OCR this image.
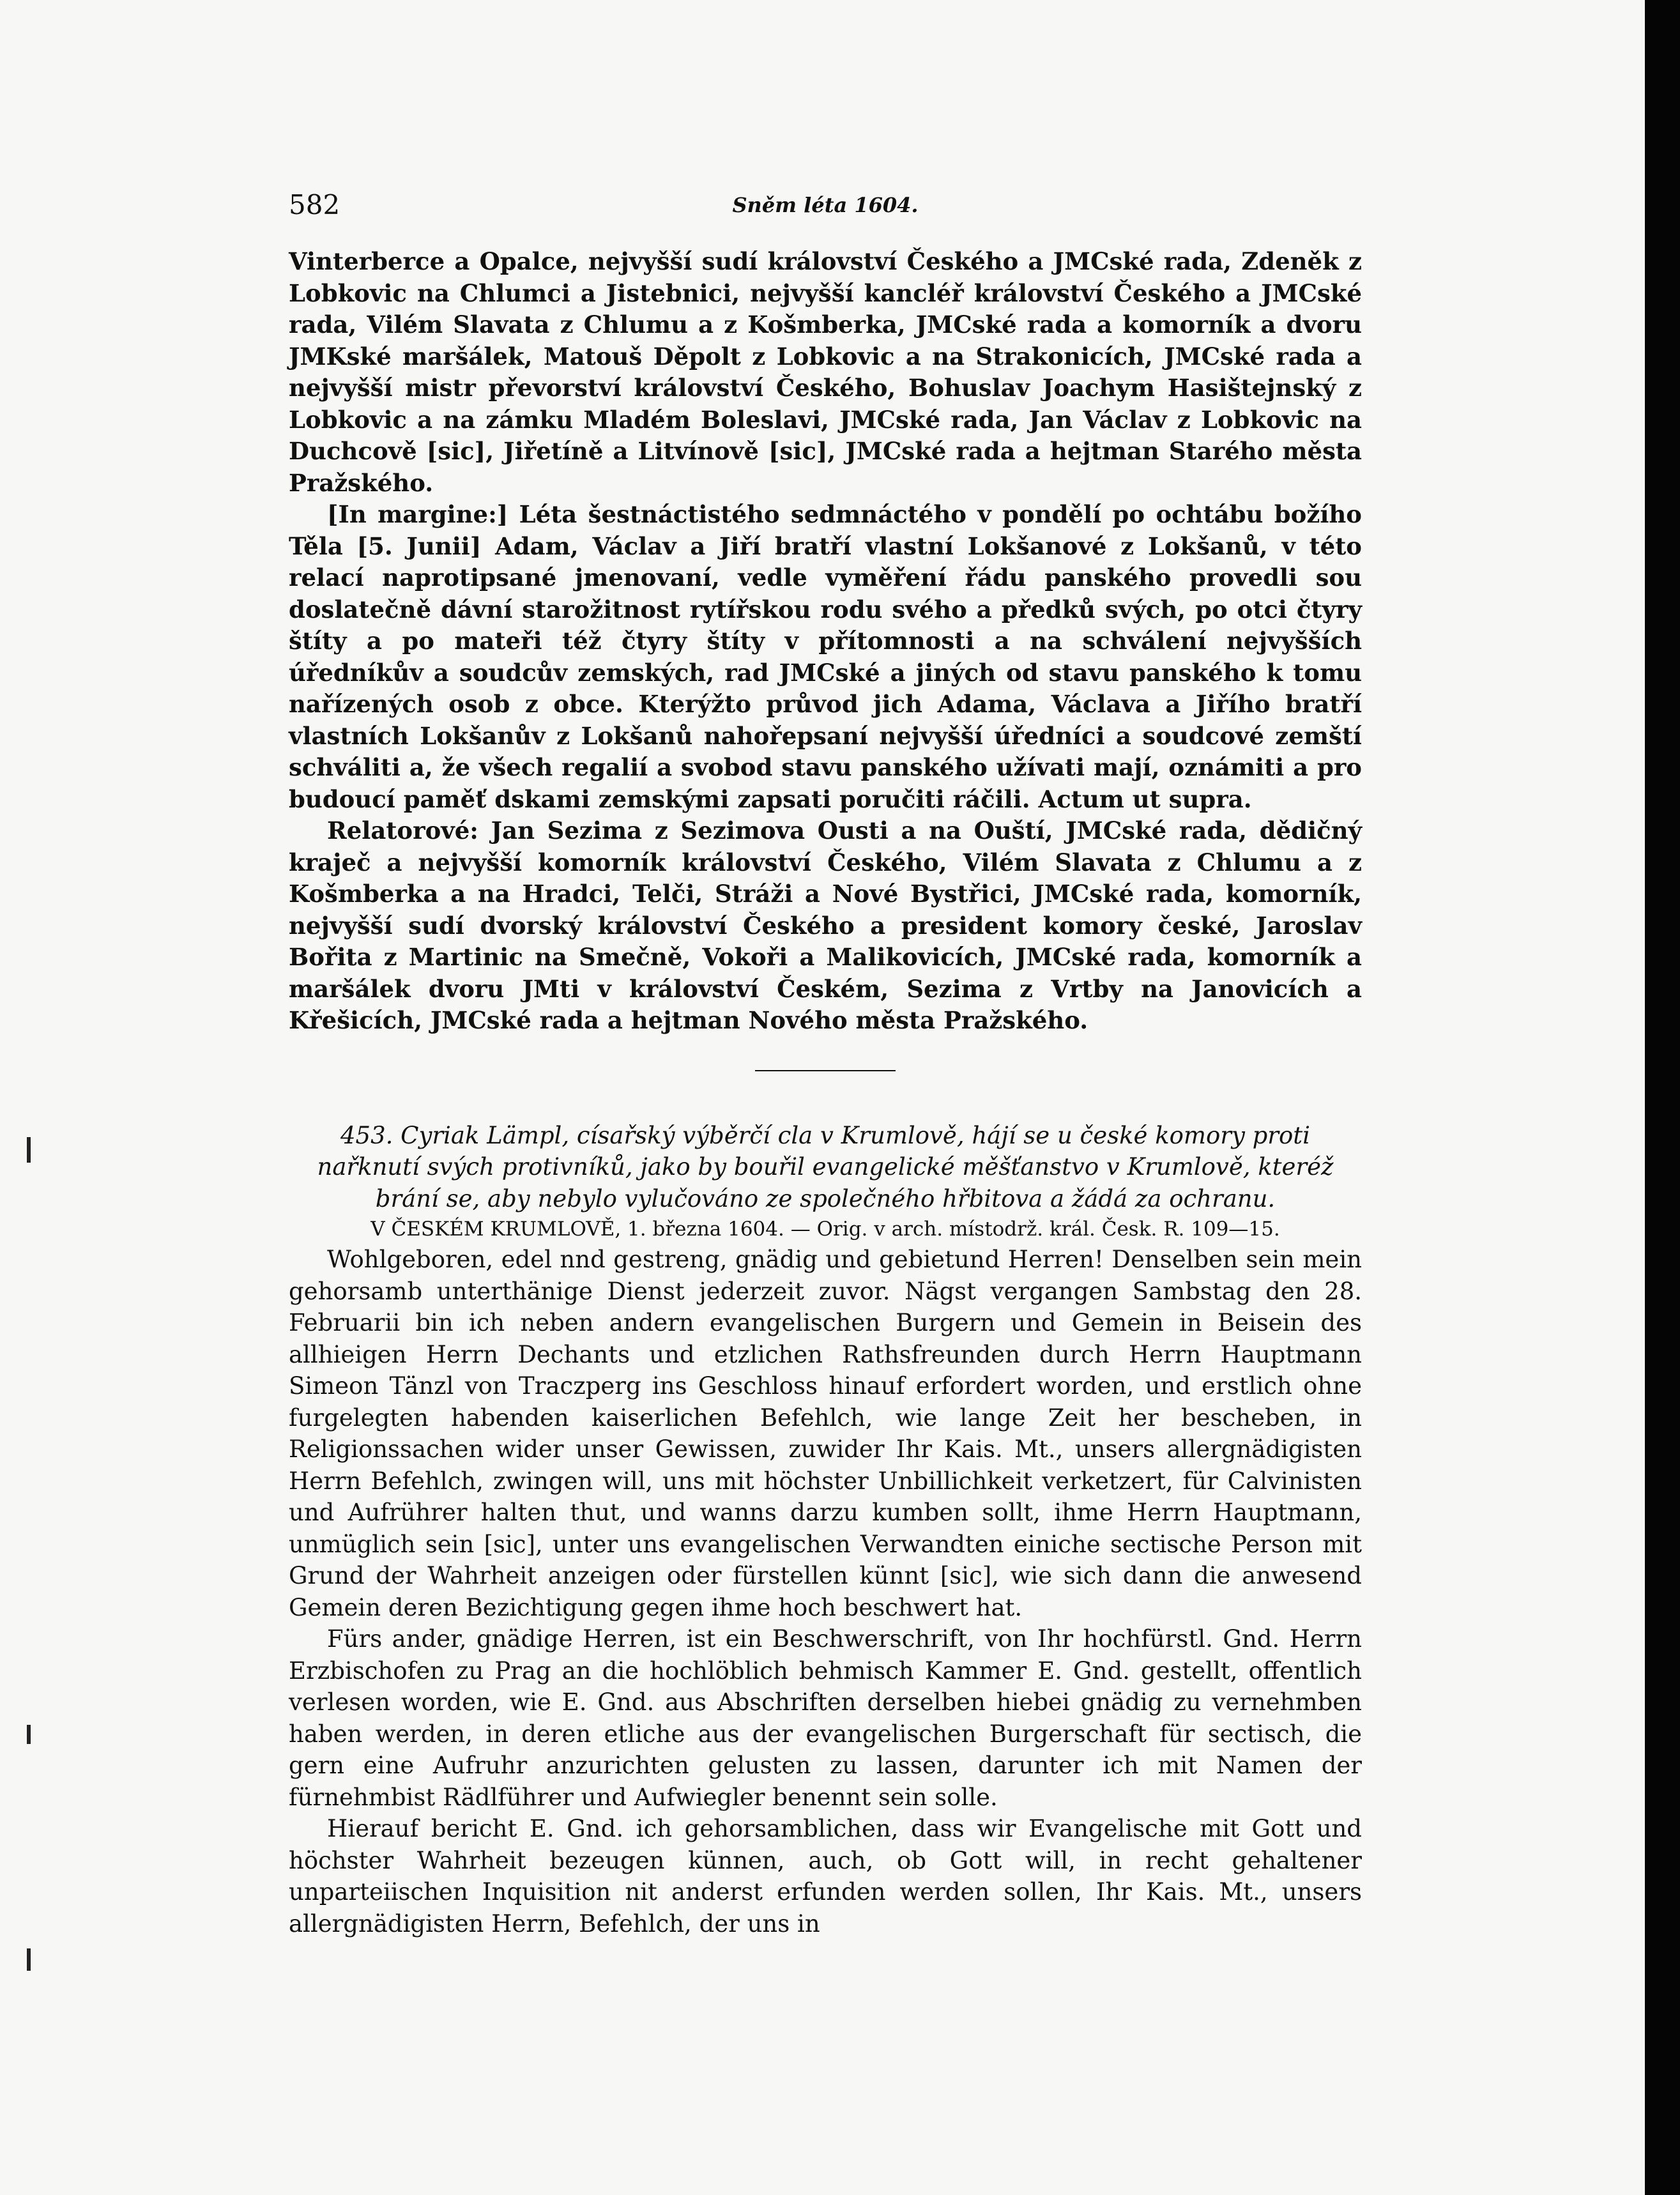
582	Sněm léta 1604.

Vinterberce a Opalce, nejvyšší sudí království Českého a JMCské rada, Zdeněk z Lobkovic na Chlumci a Jistebnici, nejvyšší kancléř království Českého a JMCské rada, Vilém Slavata z Chlumu a z Košmberka, JMCské rada a komorník a dvoru JMKské maršálek, Matouš Děpolt z Lobkovic a na Strakonicích, JMCské rada a nejvyšší mistr převorství království Českého, Bohuslav Joachym Hasištejnský z Lobkovic a na zámku Mladém Boleslavi, JMCské rada, Jan Václav z Lobkovic na Duchcově [sic], Jiřetíně a Litvínově [sic], JMCské rada a hejtman Starého města Pražského.

[In margine:] Léta šestnáctistého sedmnáctého v pondělí po ochtábu božího Těla [5. Junii] Adam, Václav a Jiří bratří vlastní Lokšanové z Lokšanů, v této relací naprotipsané jmenovaní, vedle vyměření řádu panského provedli sou doslatečně dávní starožitnost rytířskou rodu svého a předků svých, po otci čtyry štíty a po mateři též čtyry štíty v přítomnosti a na schválení nejvyšších úředníkův a soudcův zemských, rad JMCské a jiných od stavu panského k tomu nařízených osob z obce. Kterýžto průvod jich Adama, Václava a Jiřího bratří vlastních Lokšanův z Lokšanů nahořepsaní nejvyšší úředníci a soudcové zemští schváliti a, že všech regalií a svobod stavu panského užívati mají, oznámiti a pro budoucí paměť dskami zemskými zapsati poručiti ráčili. Actum ut supra.

Relatorové: Jan Sezima z Sezimova Ousti a na Ouští, JMCské rada, dědičný kraječ a nejvyšší komorník království Českého, Vilém Slavata z Chlumu a z Košmberka a na Hradci, Telči, Stráži a Nové Bystřici, JMCské rada, komorník, nejvyšší sudí dvorský království Českého a president komory české, Jaroslav Bořita z Martinic na Smečně, Vokoři a Malikovicích, JMCské rada, komorník a maršálek dvoru JMti v království Českém, Sezima z Vrtby na Janovicích a Křešicích, JMCské rada a hejtman Nového města Pražského.

453. Cyriak Lämpl, císařský výběrčí cla v Krumlově, hájí se u české komory proti nařknutí svých protivníků, jako by bouřil evangelické měšťanstvo v Krumlově, kteréž brání se, aby nebylo vylučováno ze společného hřbitova a žádá za ochranu.

V ČESKÉM KRUMLOVĚ, 1. března 1604. — Orig. v arch. místodrž. král. Česk. R. 109—15.

Wohlgeboren, edel nnd gestreng, gnädig und gebietund Herren! Denselben sein mein gehorsamb unterthänige Dienst jederzeit zuvor. Nägst vergangen Sambstag den 28. Februarii bin ich neben andern evangelischen Burgern und Gemein in Beisein des allhieigen Herrn Dechants und etzlichen Rathsfreunden durch Herrn Hauptmann Simeon Tänzl von Traczperg ins Geschloss hinauf erfordert worden, und erstlich ohne furgelegten habenden kaiserlichen Befehlch, wie lange Zeit her bescheben, in Religionssachen wider unser Gewissen, zuwider Ihr Kais. Mt., unsers allergnädigisten Herrn Befehlch, zwingen will, uns mit höchster Unbillichkeit verketzert, für Calvinisten und Aufrührer halten thut, und wanns darzu kumben sollt, ihme Herrn Hauptmann, unmüglich sein [sic], unter uns evangelischen Verwandten einiche sectische Person mit Grund der Wahrheit anzeigen oder fürstellen künnt [sic], wie sich dann die anwesend Gemein deren Bezichtigung gegen ihme hoch beschwert hat.

Fürs ander, gnädige Herren, ist ein Beschwerschrift, von Ihr hochfürstl. Gnd. Herrn Erzbischofen zu Prag an die hochlöblich behmisch Kammer E. Gnd. gestellt, offentlich verlesen worden, wie E. Gnd. aus Abschriften derselben hiebei gnädig zu vernehmben haben werden, in deren etliche aus der evangelischen Burgerschaft für sectisch, die gern eine Aufruhr anzurichten gelusten zu lassen, darunter ich mit Namen der fürnehmbist Rädlführer und Aufwiegler benennt sein solle.

Hierauf bericht E. Gnd. ich gehorsamblichen, dass wir Evangelische mit Gott und höchster Wahrheit bezeugen künnen, auch, ob Gott will, in recht gehaltener unparteiischen Inquisition nit anderst erfunden werden sollen, Ihr Kais. Mt., unsers allergnädigisten Herrn, Befehlch, der uns in
